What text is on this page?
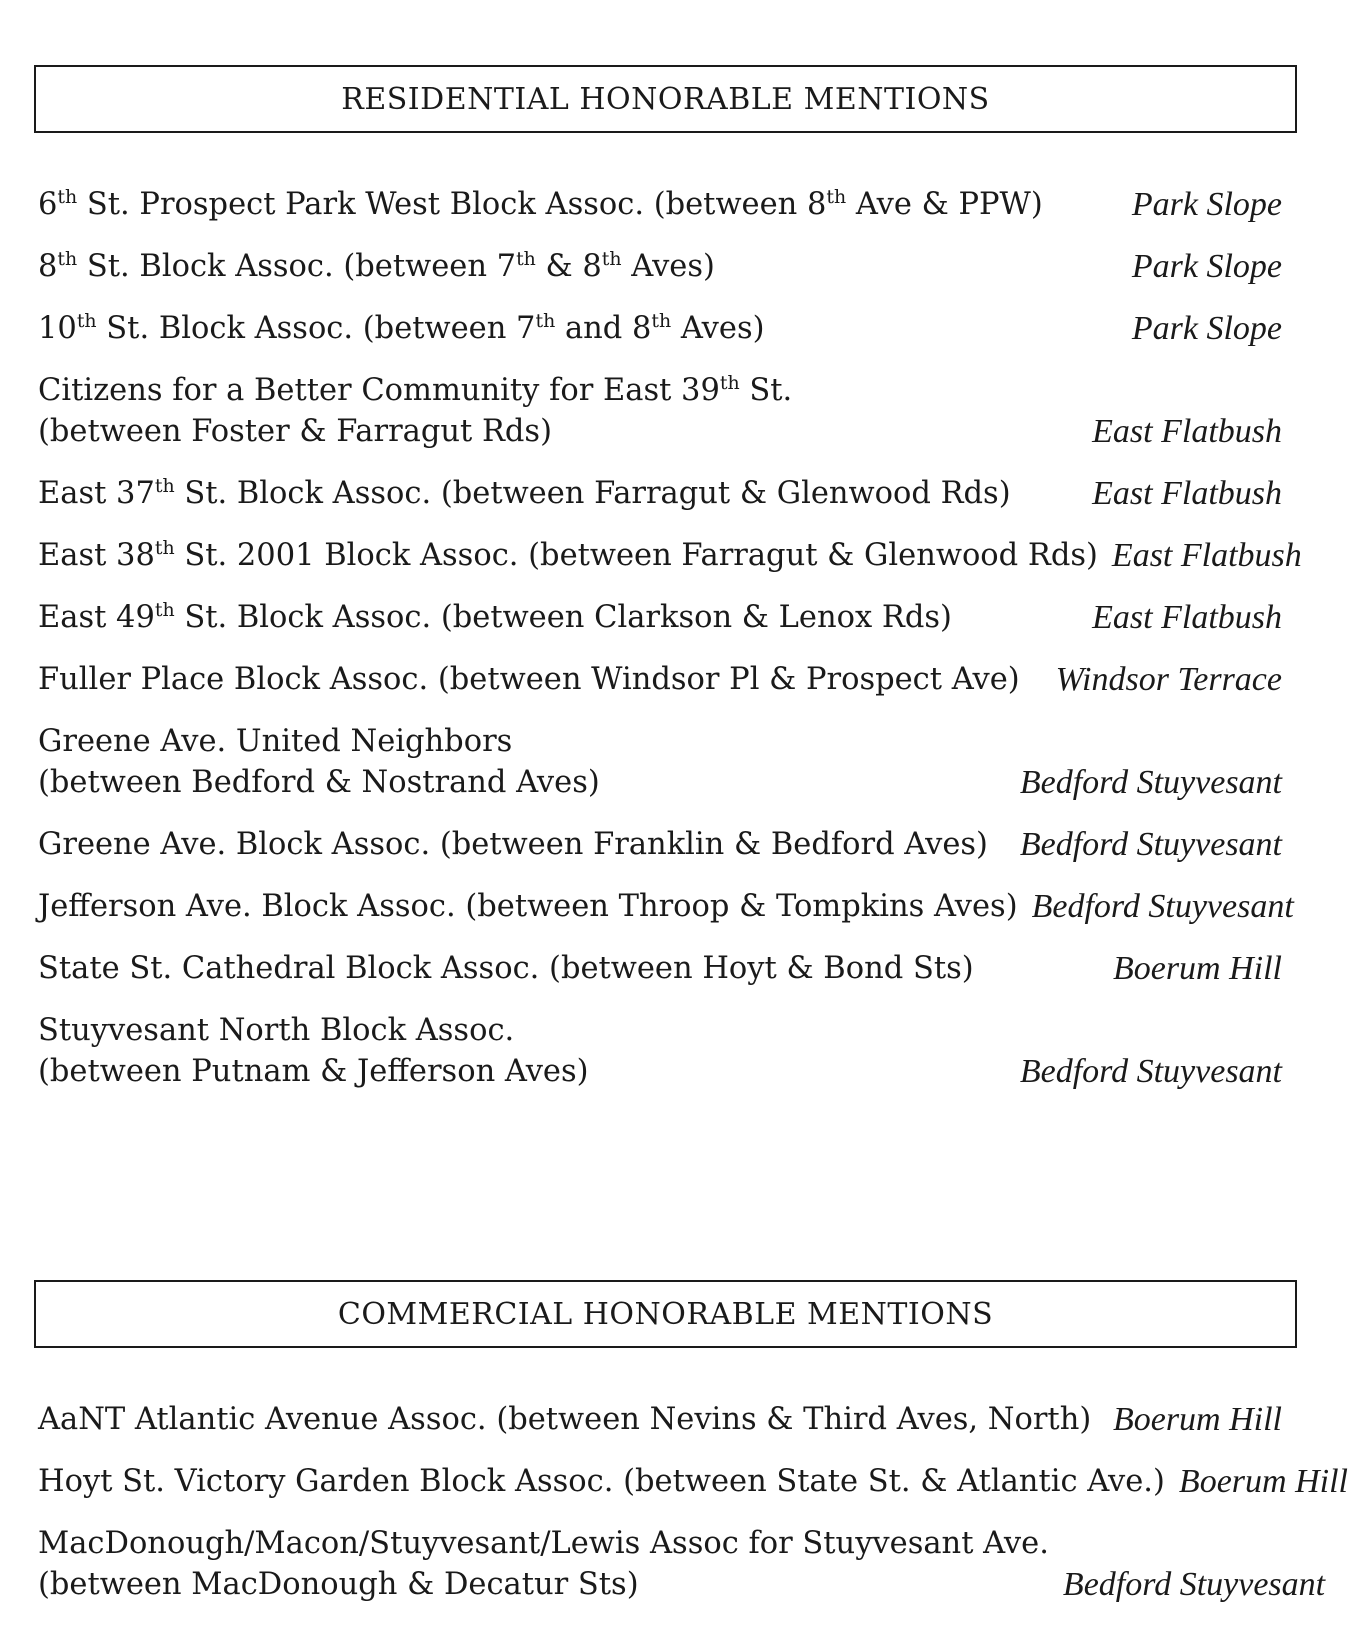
RESIDENTIAL HONORABLE MENTIONS
6th St. Prospect Park West Block Assoc. (between 8th Ave & PPW)	Park Slope
8th St. Block Assoc. (between 7th & 8th Aves)	Park Slope
10th St. Block Assoc. (between 7th and 8th Aves)	Park Slope
Citizens for a Better Community for East 39th St.
(between Foster & Farragut Rds)	East Flatbush
East 37th St. Block Assoc. (between Farragut & Glenwood Rds)	East Flatbush
East 38th St. 2001 Block Assoc. (between Farragut & Glenwood Rds) East Flatbush
East 49th St. Block Assoc. (between Clarkson & Lenox Rds)	East Flatbush
Fuller Place Block Assoc. (between Windsor Pl & Prospect Ave)	Windsor Terrace
Greene Ave. United Neighbors
(between Bedford & Nostrand Aves)	Bedford Stuyvesant
Greene Ave. Block Assoc. (between Franklin & Bedford Aves) Bedford Stuyvesant
Jefferson Ave. Block Assoc. (between Throop & Tompkins Aves) Bedford Stuyvesant
State St. Cathedral Block Assoc. (between Hoyt & Bond Sts)	Boerum Hill
Stuyvesant North Block Assoc.
(between Putnam & Jefferson Aves)	Bedford Stuyvesant
COMMERCIAL HONORABLE MENTIONS
AaNT Atlantic Avenue Assoc. (between Nevins & Third Aves, North) Boerum Hill
Hoyt St. Victory Garden Block Assoc. (between State St. & Atlantic Ave.) Boerum Hill
MacDonough/Macon/Stuyvesant/Lewis Assoc for Stuyvesant Ave.
(between MacDonough & Decatur Sts)	Bedford Stuyvesant
